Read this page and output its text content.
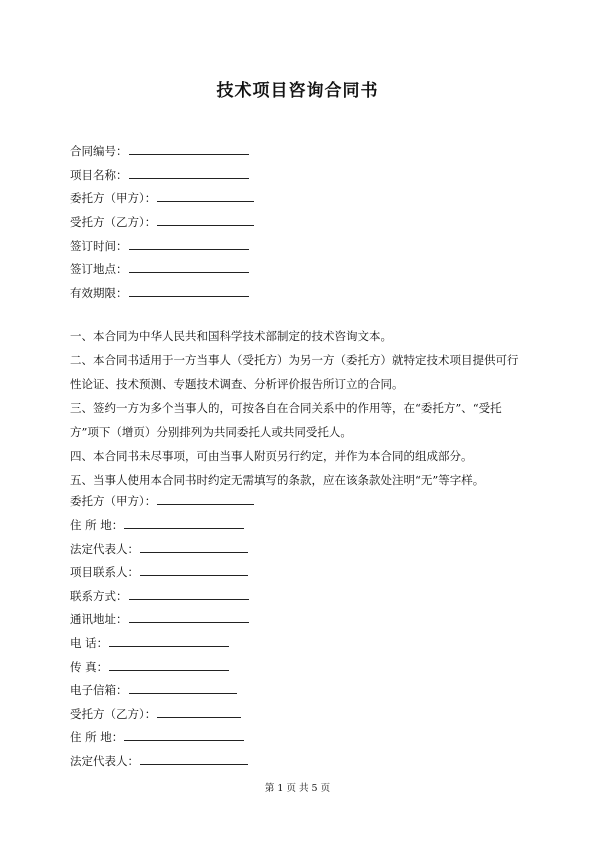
技术项目咨询合同书
合同编号：
项目名称：
委托方（甲方）：
受托方（乙方）：
签订时间：
签订地点：
有效期限：
一、本合同为中华人民共和国科学技术部制定的技术咨询文本。
二、本合同书适用于一方当事人（受托方）为另一方（委托方）就特定技术项目提供可行性论证、技术预测、专题技术调查、分析评价报告所订立的合同。
三、签约一方为多个当事人的，可按各自在合同关系中的作用等，在“委托方”、“受托方”项下（增页）分别排列为共同委托人或共同受托人。
四、本合同书未尽事项，可由当事人附页另行约定，并作为本合同的组成部分。
五、当事人使用本合同书时约定无需填写的条款，应在该条款处注明“无”等字样。
委托方（甲方）：
住 所 地：
法定代表人：
项目联系人：
联系方式：
通讯地址：
电 话：
传 真：
电子信箱：
受托方（乙方）：
住 所 地：
法定代表人：
第 1 页 共 5 页
